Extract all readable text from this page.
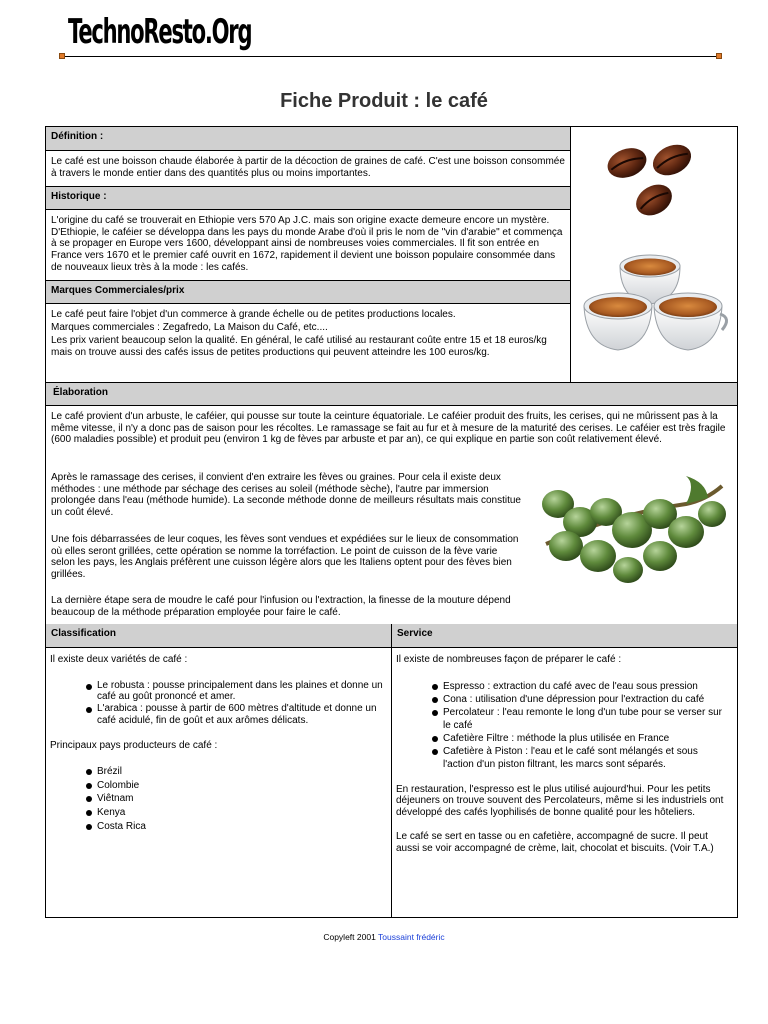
TechnoResto.Org
Fiche Produit : le café
Définition :
Le café est une boisson chaude élaborée à partir de la décoction de graines de café. C'est une boisson consommée à travers le monde entier dans des quantités plus ou moins importantes.
Historique :
L'origine du café se trouverait en Ethiopie vers 570 Ap J.C. mais son origine exacte demeure encore un mystère. D'Ethiopie, le caféier se développa dans les pays du monde Arabe d'où il pris le nom de "vin d'arabie" et commença à se propager en Europe vers 1600, développant ainsi de nombreuses voies commerciales. Il fit son entrée en France vers 1670 et le premier café ouvrit en 1672, rapidement il devient une boisson populaire consommée dans de nouveaux lieux très à la mode : les cafés.
Marques Commerciales/prix

Le café peut faire l'objet d'un commerce à grande échelle ou de petites productions locales.

Marques commerciales : Zegafredo, La Maison du Café, etc....

Les prix varient beaucoup selon la qualité. En général, le café utilisé au restaurant coûte entre 15 et 18 euros/kg mais on trouve aussi des cafés issus de petites productions qui peuvent atteindre les 100 euros/kg.

Élaboration
Le café provient d'un arbuste, le caféier, qui pousse sur toute la ceinture équatoriale. Le caféier produit des fruits, les cerises, qui ne mûrissent pas à la même vitesse, il n'y a donc pas de saison pour les récoltes. Le ramassage se fait au fur et à mesure de la maturité des cerises. Le caféier est très fragile (600 maladies possible) et produit peu (environ 1 kg de fèves par arbuste et par an), ce qui explique en partie son coût relativement élevé.
Après le ramassage des cerises, il convient d'en extraire les fèves ou graines. Pour cela il existe deux méthodes : une méthode par séchage des cerises au soleil (méthode sèche), l'autre par immersion prolongée dans l'eau (méthode humide). La seconde méthode donne de meilleurs résultats mais constitue un coût élevé.
Une fois débarrassées de leur coques, les fèves sont vendues et expédiées sur le lieux de consommation où elles seront grillées, cette opération se nomme la torréfaction. Le point de cuisson de la fève varie selon les pays, les Anglais préfèrent une cuisson légère alors que les Italiens optent pour des fèves bien grillées.
La dernière étape sera de moudre le café pour l'infusion ou l'extraction, la finesse de la mouture dépend beaucoup de la méthode préparation employée pour faire le café.
Classification	Service

Il existe deux variétés de café :

Le robusta : pousse principalement dans les plaines et donne un café au goût prononcé et amer.
L'arabica : pousse à partir de 600 mètres d'altitude et donne un café acidulé, fin de goût et aux arômes délicats.

Principaux pays producteurs de café :

Brézil
Colombie
Viêtnam
Kenya
Costa Rica

Il existe de nombreuses façon de préparer le café :

Espresso : extraction du café avec de l'eau sous pression
Cona : utilisation d'une dépression pour l'extraction du café
Percolateur : l'eau remonte le long d'un tube pour se verser sur le café
Cafetière Filtre : méthode la plus utilisée en France
Cafetière à Piston : l'eau et le café sont mélangés et sous l'action d'un piston filtrant, les marcs sont séparés.

En restauration, l'espresso est le plus utilisé aujourd'hui. Pour les petits déjeuners on trouve souvent des Percolateurs, même si les industriels ont développé des cafés lyophilisés de bonne qualité pour les hôteliers.

Le café se sert en tasse ou en cafetière, accompagné de sucre. Il peut aussi se voir accompagné de crème, lait, chocolat et biscuits. (Voir T.A.)

Copyleft 2001 Toussaint frédéric
